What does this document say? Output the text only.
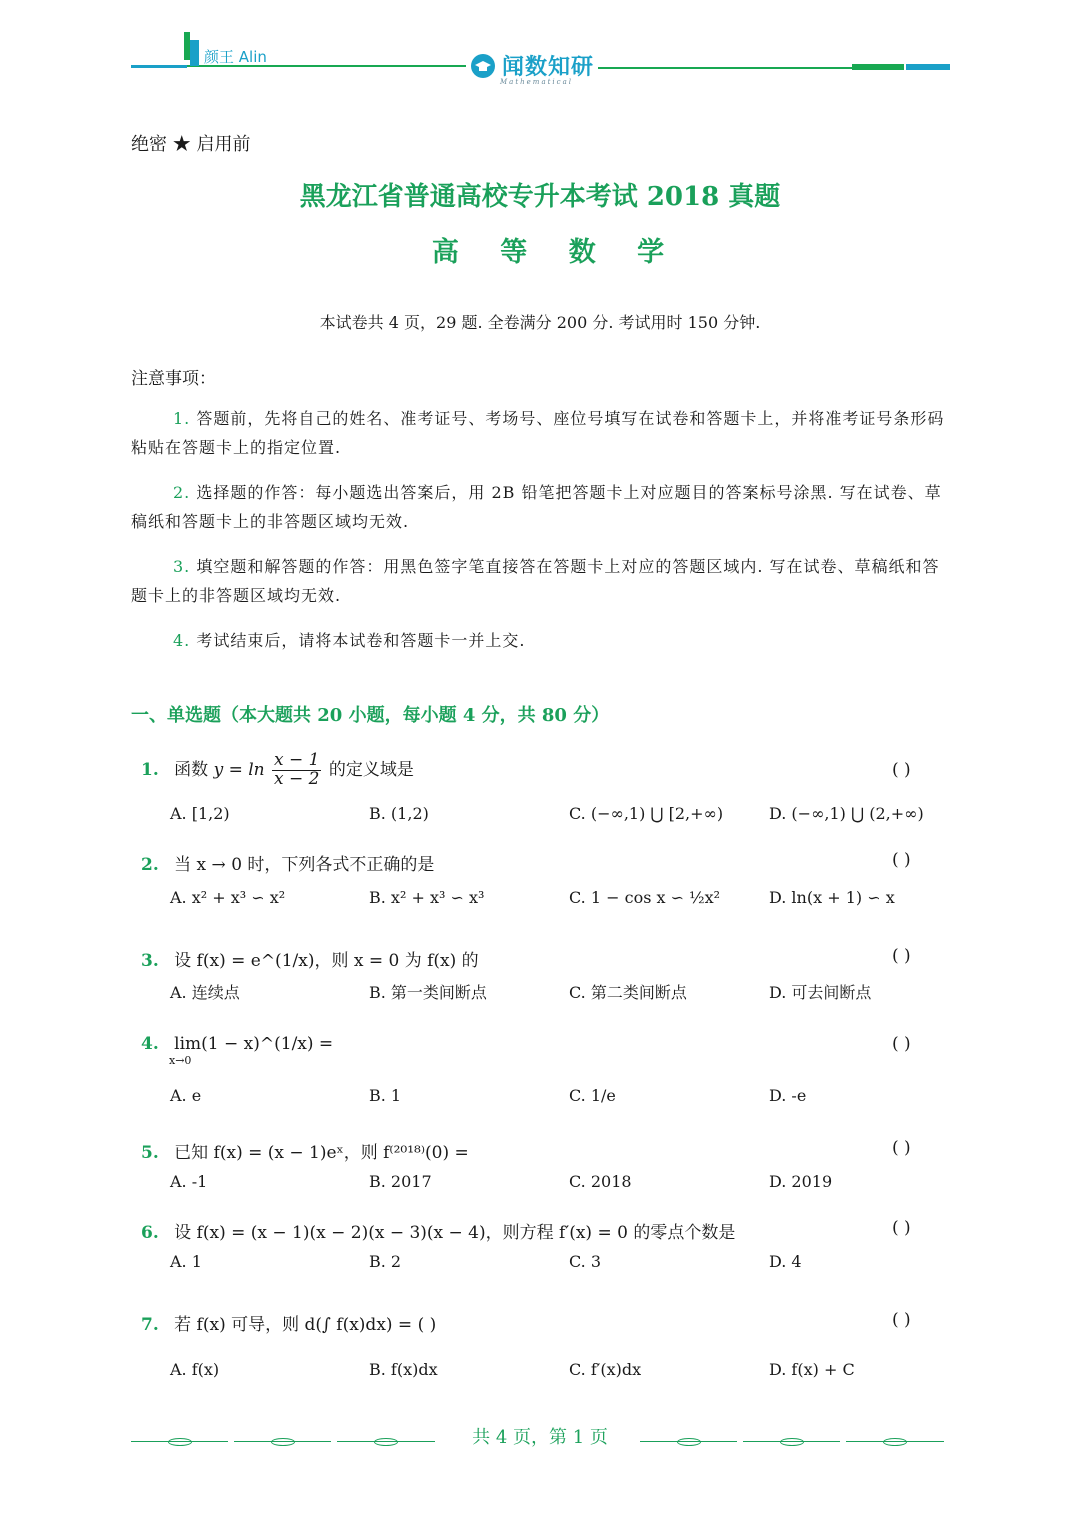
颜王 Alin	闻数知研
Mathematical
绝密 ★ 启用前
黑龙江省普通高校专升本考试 2018 真题
高 等 数 学
本试卷共 4 页，29 题. 全卷满分 200 分. 考试用时 150 分钟.
注意事项：
1. 答题前，先将自己的姓名、准考证号、考场号、座位号填写在试卷和答题卡上，并将准考证号条形码粘贴在答题卡上的指定位置.
2. 选择题的作答：每小题选出答案后，用 2B 铅笔把答题卡上对应题目的答案标号涂黑. 写在试卷、草稿纸和答题卡上的非答题区域均无效.
3. 填空题和解答题的作答：用黑色签字笔直接答在答题卡上对应的答题区域内. 写在试卷、草稿纸和答题卡上的非答题区域均无效.
4. 考试结束后，请将本试卷和答题卡一并上交.
一、单选题（本大题共 20 小题，每小题 4 分，共 80 分）
1. 函数 $y = \ln \frac{x - 1}{x - 2}$ 的定义域是	( )
A. [1,2)	B. (1,2)	C. (−∞,1) ⋃ [2,+∞)	D. (−∞,1) ⋃ (2,+∞)
2. 当 x → 0 时，下列各式不正确的是	( )
A. x² + x³ ∽ x²	B. x² + x³ ∽ x³	C. 1 − cos x ∽ ½x²	D. ln(x + 1) ∽ x
3. 设 f(x) = e^(1/x)，则 x = 0 为 f(x) 的	( )
A. 连续点	B. 第一类间断点	C. 第二类间断点	D. 可去间断点
4. lim(1 − x)^(1/x) =
x→0
( )
A. e	B. 1	C. 1/e	D. -e
5. 已知 f(x) = (x − 1)eˣ，则 f⁽²⁰¹⁸⁾(0) =	( )
A. -1	B. 2017	C. 2018	D. 2019
6. 设 f(x) = (x − 1)(x − 2)(x − 3)(x − 4)，则方程 f′(x) = 0 的零点个数是	( )
A. 1	B. 2	C. 3	D. 4
7. 若 f(x) 可导，则 d(∫ f(x)dx) = ( )	( )
A. f(x)	B. f(x)dx	C. f′(x)dx	D. f(x) + C
共 4 页，第 1 页
